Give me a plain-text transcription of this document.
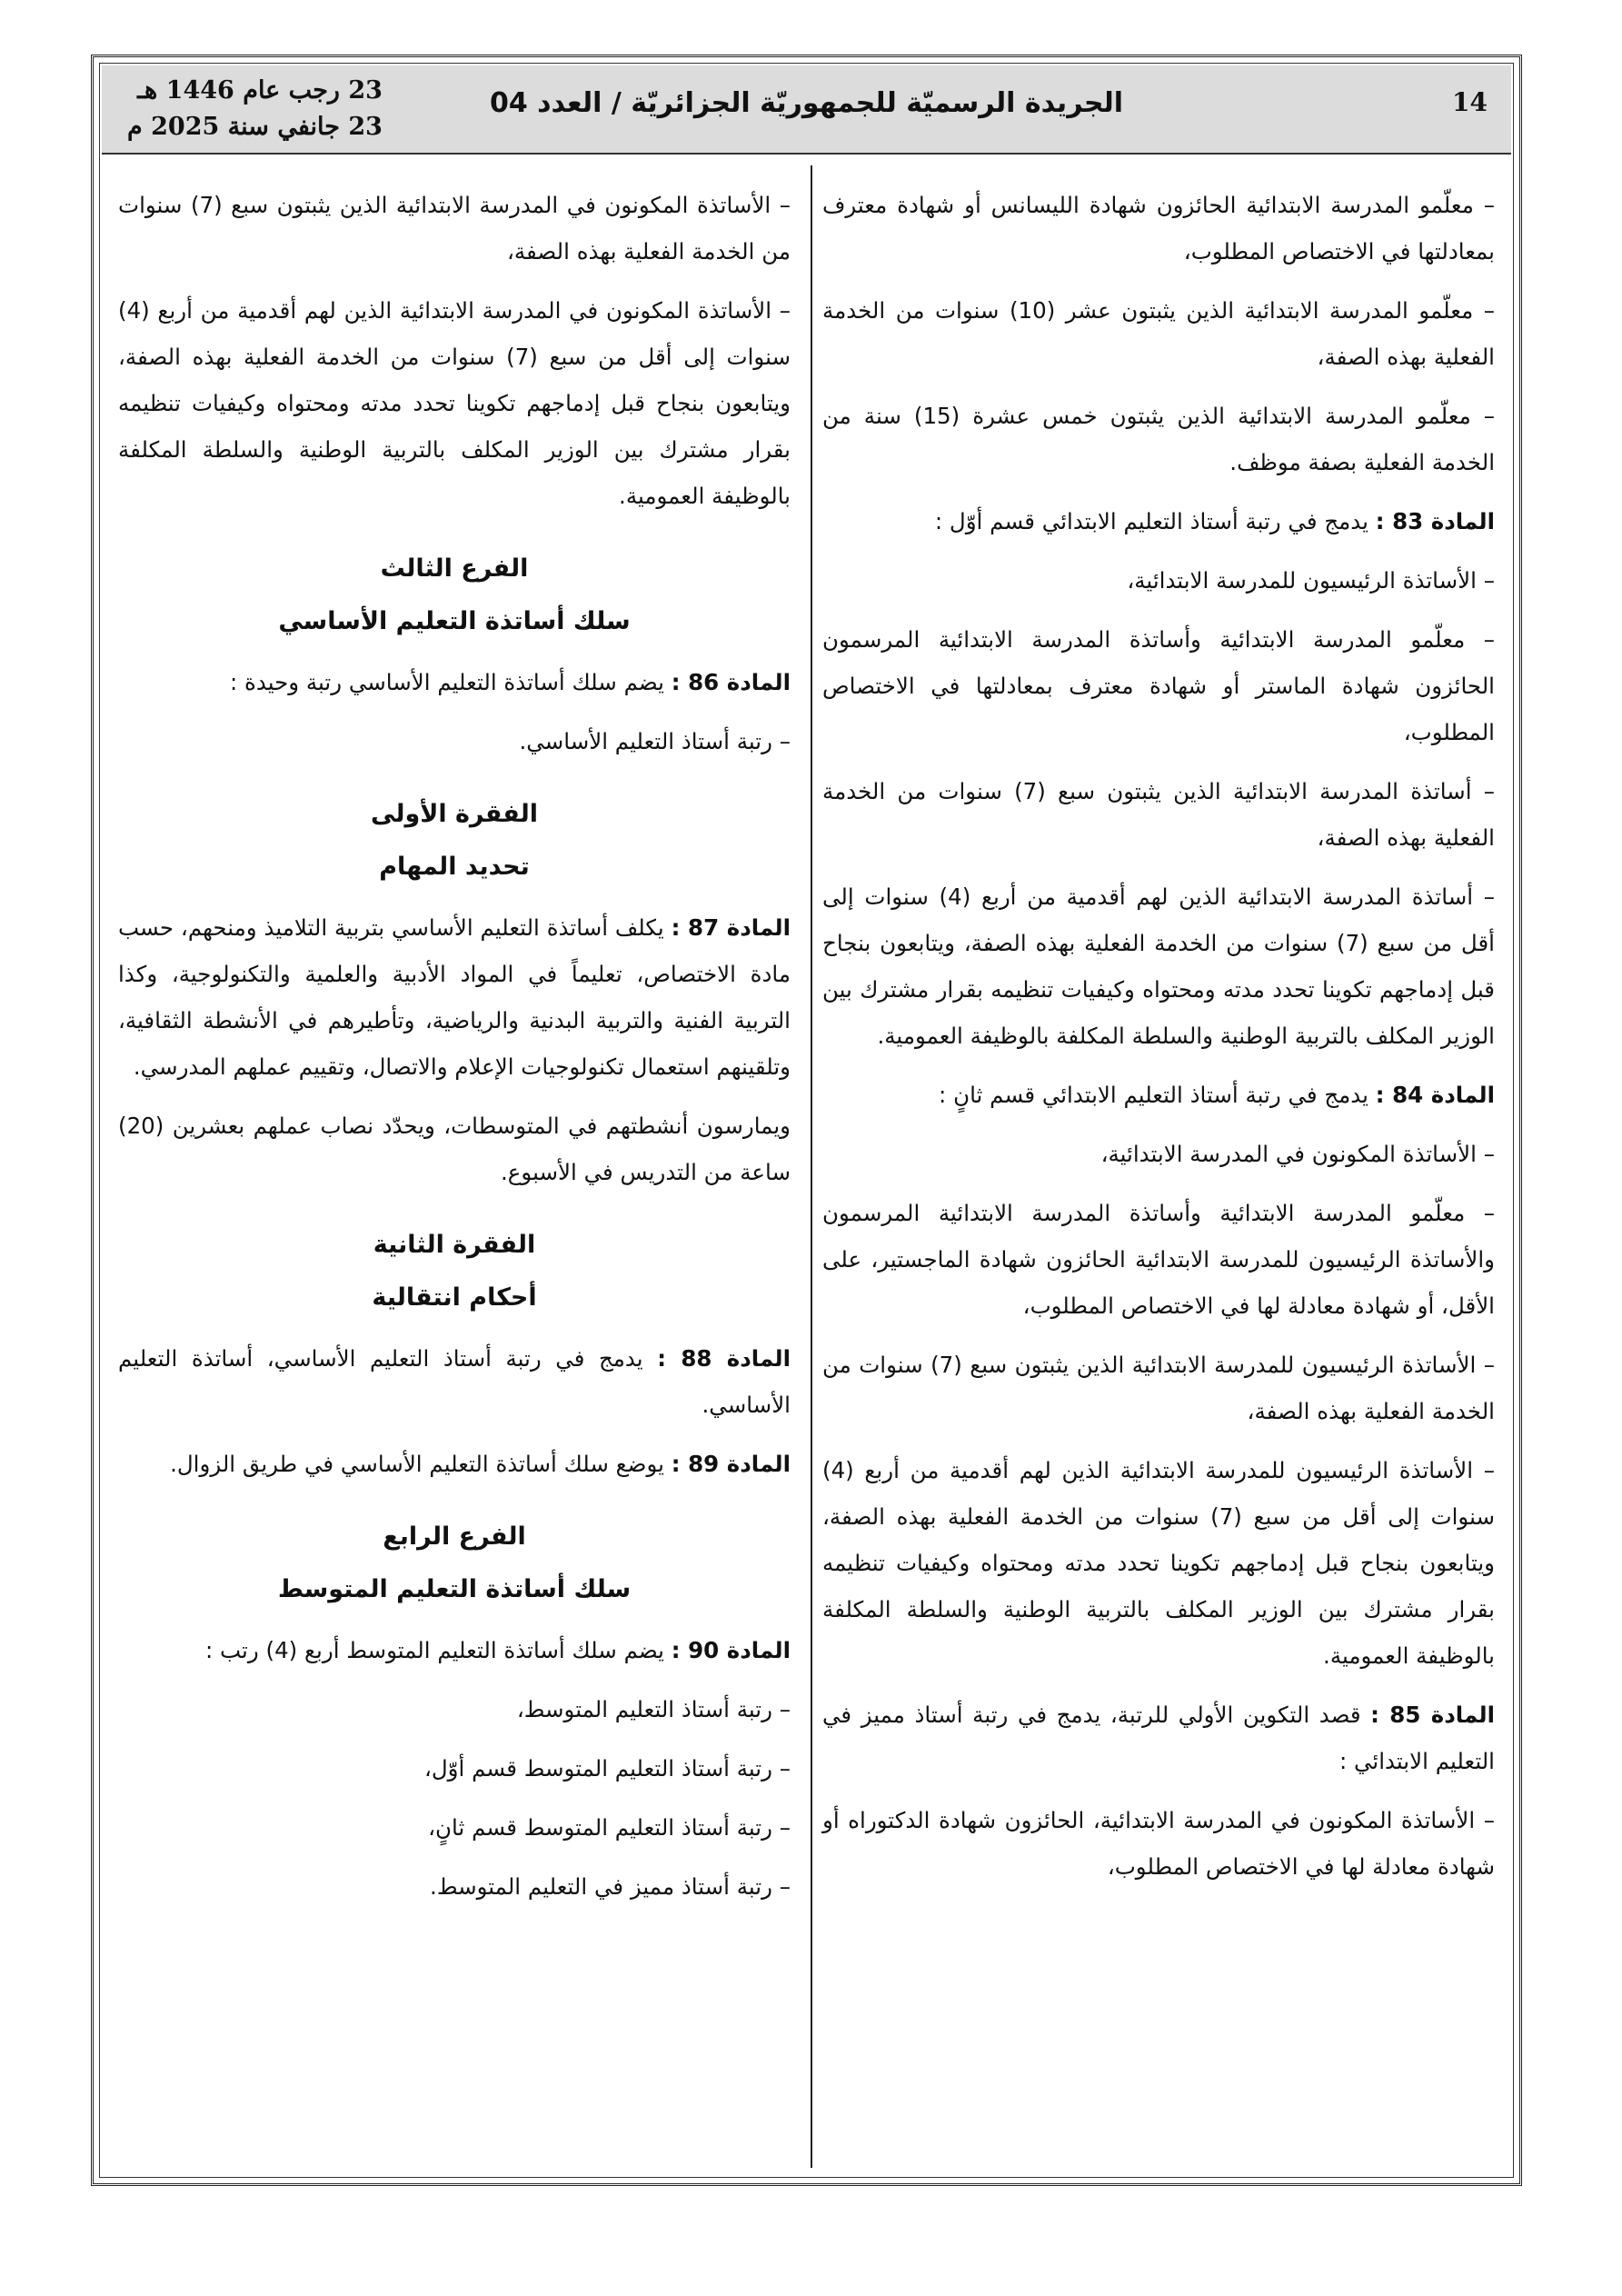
14
الجريدة الرسميّة للجمهوريّة الجزائريّة / العدد 04
23 رجب عام 1446 هـ
23 جانفي سنة 2025 م

– معلّمو المدرسة الابتدائية الحائزون شهادة الليسانس أو شهادة معترف بمعادلتها في الاختصاص المطلوب،

– معلّمو المدرسة الابتدائية الذين يثبتون عشر (10) سنوات من الخدمة الفعلية بهذه الصفة،

– معلّمو المدرسة الابتدائية الذين يثبتون خمس عشرة (15) سنة من الخدمة الفعلية بصفة موظف.

المادة 83 : يدمج في رتبة أستاذ التعليم الابتدائي قسم أوّل :

– الأساتذة الرئيسيون للمدرسة الابتدائية،

– معلّمو المدرسة الابتدائية وأساتذة المدرسة الابتدائية المرسمون الحائزون شهادة الماستر أو شهادة معترف بمعادلتها في الاختصاص المطلوب،

– أساتذة المدرسة الابتدائية الذين يثبتون سبع (7) سنوات من الخدمة الفعلية بهذه الصفة،

– أساتذة المدرسة الابتدائية الذين لهم أقدمية من أربع (4) سنوات إلى أقل من سبع (7) سنوات من الخدمة الفعلية بهذه الصفة، ويتابعون بنجاح قبل إدماجهم تكوينا تحدد مدته ومحتواه وكيفيات تنظيمه بقرار مشترك بين الوزير المكلف بالتربية الوطنية والسلطة المكلفة بالوظيفة العمومية.

المادة 84 : يدمج في رتبة أستاذ التعليم الابتدائي قسم ثانٍ :

– الأساتذة المكونون في المدرسة الابتدائية،

– معلّمو المدرسة الابتدائية وأساتذة المدرسة الابتدائية المرسمون والأساتذة الرئيسيون للمدرسة الابتدائية الحائزون شهادة الماجستير، على الأقل، أو شهادة معادلة لها في الاختصاص المطلوب،

– الأساتذة الرئيسيون للمدرسة الابتدائية الذين يثبتون سبع (7) سنوات من الخدمة الفعلية بهذه الصفة،

– الأساتذة الرئيسيون للمدرسة الابتدائية الذين لهم أقدمية من أربع (4) سنوات إلى أقل من سبع (7) سنوات من الخدمة الفعلية بهذه الصفة، ويتابعون بنجاح قبل إدماجهم تكوينا تحدد مدته ومحتواه وكيفيات تنظيمه بقرار مشترك بين الوزير المكلف بالتربية الوطنية والسلطة المكلفة بالوظيفة العمومية.

المادة 85 : قصد التكوين الأولي للرتبة، يدمج في رتبة أستاذ مميز في التعليم الابتدائي :

– الأساتذة المكونون في المدرسة الابتدائية، الحائزون شهادة الدكتوراه أو شهادة معادلة لها في الاختصاص المطلوب،

– الأساتذة المكونون في المدرسة الابتدائية الذين يثبتون سبع (7) سنوات من الخدمة الفعلية بهذه الصفة،

– الأساتذة المكونون في المدرسة الابتدائية الذين لهم أقدمية من أربع (4) سنوات إلى أقل من سبع (7) سنوات من الخدمة الفعلية بهذه الصفة، ويتابعون بنجاح قبل إدماجهم تكوينا تحدد مدته ومحتواه وكيفيات تنظيمه بقرار مشترك بين الوزير المكلف بالتربية الوطنية والسلطة المكلفة بالوظيفة العمومية.

الفرع الثالث
سلك أساتذة التعليم الأساسي

المادة 86 : يضم سلك أساتذة التعليم الأساسي رتبة وحيدة :

– رتبة أستاذ التعليم الأساسي.

الفقرة الأولى
تحديد المهام

المادة 87 : يكلف أساتذة التعليم الأساسي بتربية التلاميذ ومنحهم، حسب مادة الاختصاص، تعليماً في المواد الأدبية والعلمية والتكنولوجية، وكذا التربية الفنية والتربية البدنية والرياضية، وتأطيرهم في الأنشطة الثقافية، وتلقينهم استعمال تكنولوجيات الإعلام والاتصال، وتقييم عملهم المدرسي.

ويمارسون أنشطتهم في المتوسطات، ويحدّد نصاب عملهم بعشرين (20) ساعة من التدريس في الأسبوع.

الفقرة الثانية
أحكام انتقالية

المادة 88 : يدمج في رتبة أستاذ التعليم الأساسي، أساتذة التعليم الأساسي.

المادة 89 : يوضع سلك أساتذة التعليم الأساسي في طريق الزوال.

الفرع الرابع
سلك أساتذة التعليم المتوسط

المادة 90 : يضم سلك أساتذة التعليم المتوسط أربع (4) رتب :

– رتبة أستاذ التعليم المتوسط،

– رتبة أستاذ التعليم المتوسط قسم أوّل،

– رتبة أستاذ التعليم المتوسط قسم ثانٍ،

– رتبة أستاذ مميز في التعليم المتوسط.
